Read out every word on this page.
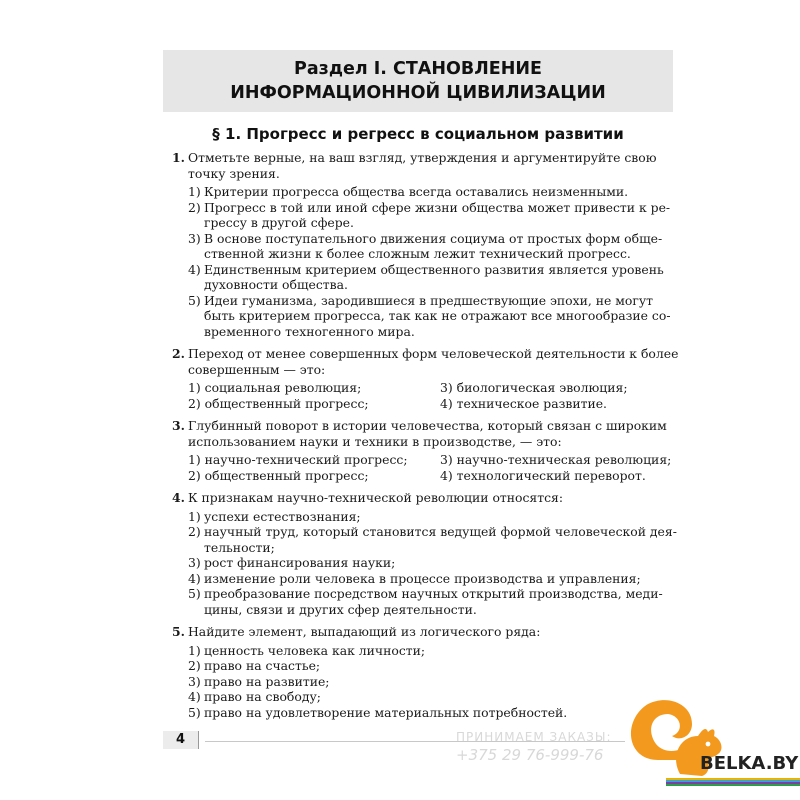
Раздел I. СТАНОВЛЕНИЕ
ИНФОРМАЦИОННОЙ ЦИВИЛИЗАЦИИ
§ 1. Прогресс и регресс в социальном развитии
1. Отметьте верные, на ваш взгляд, утверждения и аргументируйте свою
точку зрения.
1) Критерии прогресса общества всегда оставались неизменными.
2) Прогресс в той или иной сфере жизни общества может привести к ре-
грессу в другой сфере.
3) В основе поступательного движения социума от простых форм обще-
ственной жизни к более сложным лежит технический прогресс.
4) Единственным критерием общественного развития является уровень
духовности общества.
5) Идеи гуманизма, зародившиеся в предшествующие эпохи, не могут
быть критерием прогресса, так как не отражают все многообразие со-
временного техногенного мира.
2. Переход от менее совершенных форм человеческой деятельности к более
совершенным — это:
1) социальная революция;	3) биологическая эволюция;
2) общественный прогресс;	4) техническое развитие.
3. Глубинный поворот в истории человечества, который связан с широким
использованием науки и техники в производстве, — это:
1) научно-технический прогресс;	3) научно-техническая революция;
2) общественный прогресс;	4) технологический переворот.
4. К признакам научно-технической революции относятся:
1) успехи естествознания;
2) научный труд, который становится ведущей формой человеческой дея-
тельности;
3) рост финансирования науки;
4) изменение роли человека в процессе производства и управления;
5) преобразование посредством научных открытий производства, меди-
цины, связи и других сфер деятельности.
5. Найдите элемент, выпадающий из логического ряда:
1) ценность человека как личности;
2) право на счастье;
3) право на развитие;
4) право на свободу;
5) право на удовлетворение материальных потребностей.
4	ПРИНИМАЕМ ЗАКАЗЫ:
+375 29 76-999-76	BELKA.BY
